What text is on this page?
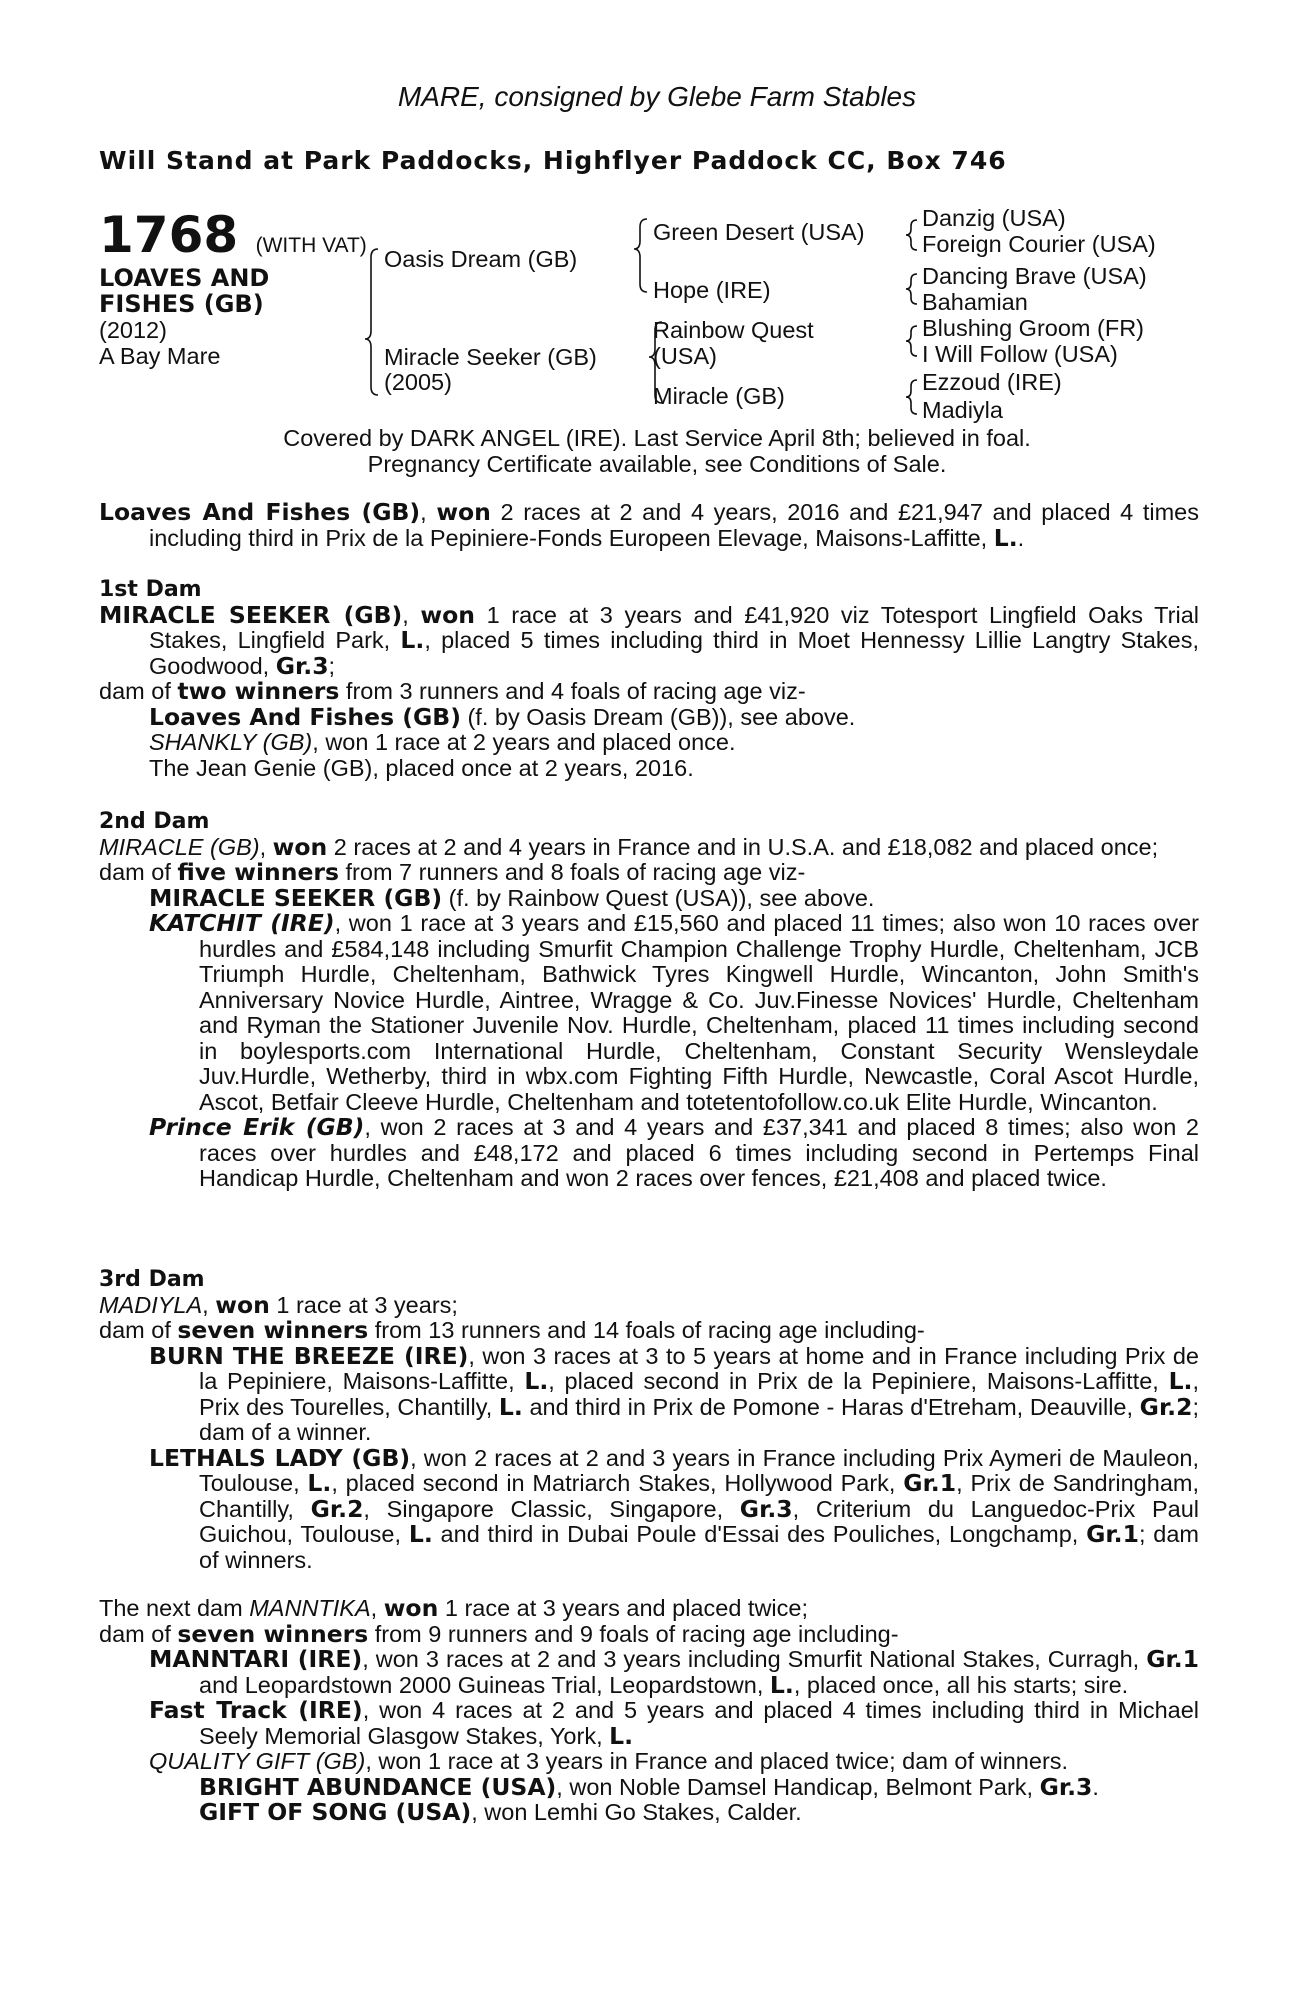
MARE, consigned by Glebe Farm Stables
Will Stand at Park Paddocks, Highflyer Paddock CC, Box 746
1768 (WITH VAT)
LOAVES AND
FISHES (GB)
(2012)
A Bay Mare
Oasis Dream (GB)
Miracle Seeker (GB)
(2005)
Green Desert (USA)
Hope (IRE)
Rainbow Quest
(USA)
Miracle (GB)
Danzig (USA)
Foreign Courier (USA)
Dancing Brave (USA)
Bahamian
Blushing Groom (FR)
I Will Follow (USA)
Ezzoud (IRE)
Madiyla
Covered by DARK ANGEL (IRE). Last Service April 8th; believed in foal.
Pregnancy Certificate available, see Conditions of Sale.

Loaves And Fishes (GB), won 2 races at 2 and 4 years, 2016 and £21,947 and placed 4 times including third in Prix de la Pepiniere-Fonds Europeen Elevage, Maisons-Laffitte, L..

1st Dam

MIRACLE SEEKER (GB), won 1 race at 3 years and £41,920 viz Totesport Lingfield Oaks Trial Stakes, Lingfield Park, L., placed 5 times including third in Moet Hennessy Lillie Langtry Stakes, Goodwood, Gr.3;

dam of two winners from 3 runners and 4 foals of racing age viz-

Loaves And Fishes (GB) (f. by Oasis Dream (GB)), see above.

SHANKLY (GB), won 1 race at 2 years and placed once.

The Jean Genie (GB), placed once at 2 years, 2016.

2nd Dam

MIRACLE (GB), won 2 races at 2 and 4 years in France and in U.S.A. and £18,082 and placed once;

dam of five winners from 7 runners and 8 foals of racing age viz-

MIRACLE SEEKER (GB) (f. by Rainbow Quest (USA)), see above.

KATCHIT (IRE), won 1 race at 3 years and £15,560 and placed 11 times; also won 10 races over hurdles and £584,148 including Smurfit Champion Challenge Trophy Hurdle, Cheltenham, JCB Triumph Hurdle, Cheltenham, Bathwick Tyres Kingwell Hurdle, Wincanton, John Smith's Anniversary Novice Hurdle, Aintree, Wragge & Co. Juv.Finesse Novices' Hurdle, Cheltenham and Ryman the Stationer Juvenile Nov. Hurdle, Cheltenham, placed 11 times including second in boylesports.com International Hurdle, Cheltenham, Constant Security Wensleydale Juv.Hurdle, Wetherby, third in wbx.com Fighting Fifth Hurdle, Newcastle, Coral Ascot Hurdle, Ascot, Betfair Cleeve Hurdle, Cheltenham and totetentofollow.co.uk Elite Hurdle, Wincanton.

Prince Erik (GB), won 2 races at 3 and 4 years and £37,341 and placed 8 times; also won 2 races over hurdles and £48,172 and placed 6 times including second in Pertemps Final Handicap Hurdle, Cheltenham and won 2 races over fences, £21,408 and placed twice.

3rd Dam

MADIYLA, won 1 race at 3 years;

dam of seven winners from 13 runners and 14 foals of racing age including-

BURN THE BREEZE (IRE), won 3 races at 3 to 5 years at home and in France including Prix de la Pepiniere, Maisons-Laffitte, L., placed second in Prix de la Pepiniere, Maisons-Laffitte, L., Prix des Tourelles, Chantilly, L. and third in Prix de Pomone - Haras d'Etreham, Deauville, Gr.2; dam of a winner.

LETHALS LADY (GB), won 2 races at 2 and 3 years in France including Prix Aymeri de Mauleon, Toulouse, L., placed second in Matriarch Stakes, Hollywood Park, Gr.1, Prix de Sandringham, Chantilly, Gr.2, Singapore Classic, Singapore, Gr.3, Criterium du Languedoc-Prix Paul Guichou, Toulouse, L. and third in Dubai Poule d'Essai des Pouliches, Longchamp, Gr.1; dam of winners.

The next dam MANNTIKA, won 1 race at 3 years and placed twice;

dam of seven winners from 9 runners and 9 foals of racing age including-

MANNTARI (IRE), won 3 races at 2 and 3 years including Smurfit National Stakes, Curragh, Gr.1 and Leopardstown 2000 Guineas Trial, Leopardstown, L., placed once, all his starts; sire.

Fast Track (IRE), won 4 races at 2 and 5 years and placed 4 times including third in Michael Seely Memorial Glasgow Stakes, York, L.

QUALITY GIFT (GB), won 1 race at 3 years in France and placed twice; dam of winners.

BRIGHT ABUNDANCE (USA), won Noble Damsel Handicap, Belmont Park, Gr.3.

GIFT OF SONG (USA), won Lemhi Go Stakes, Calder.
